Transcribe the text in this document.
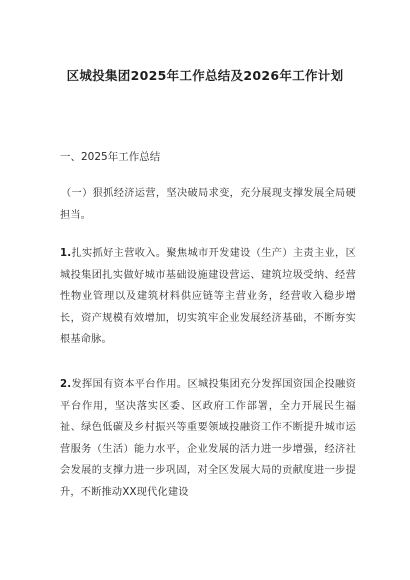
区城投集团2025年工作总结及2026年工作计划
一、2025年工作总结
（一）狠抓经济运营，坚决破局求变，充分展现支撑发展全局硬担当。
1.扎实抓好主营收入。聚焦城市开发建设（生产）主责主业，区城投集团扎实做好城市基础设施建设营运、建筑垃圾受纳、经营性物业管理以及建筑材料供应链等主营业务，经营收入稳步增长，资产规模有效增加，切实筑牢企业发展经济基础，不断夯实根基命脉。
2.发挥国有资本平台作用。区城投集团充分发挥国资国企投融资平台作用，坚决落实区委、区政府工作部署，全力开展民生福祉、绿色低碳及乡村振兴等重要领域投融资工作不断提升城市运营服务（生活）能力水平，企业发展的活力进一步增强，经济社会发展的支撑力进一步巩固，对全区发展大局的贡献度进一步提升，不断推动XX现代化建设
